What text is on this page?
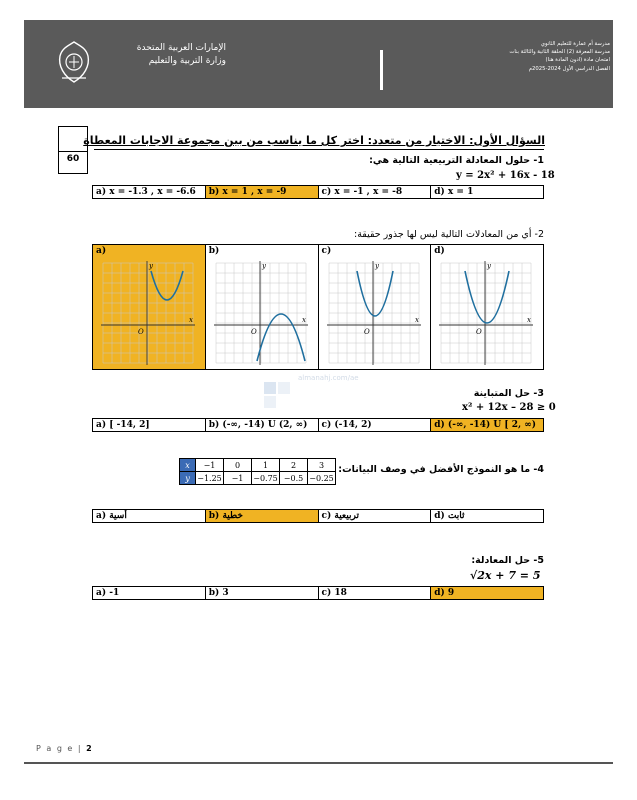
الإمارات العربية المتحدة
وزارة التربية والتعليم
مدرسة أم عمارة للتعليم الثانوي
مدرسة المعرفة (2) الحلقة الثانية والثالثة بنات
امتحان مادة (ادون المادة هنا)
الفصل الدراسي الأول 2024-2025م
60
السؤال الأول: الاختيار من متعدد: اختر كل ما يناسب من بين مجموعة الاجابات المعطاة
1- حلول المعادلة التربيعية التالية هي:
y = 2x² + 16x - 18
a) x = -1.3 , x = -6.6	b) x = 1 , x = -9	c) x = -1 , x = -8	d) x = 1
2- أي من المعادلات التالية ليس لها جذور حقيقة:
a)
x
y
O
b)
x
y
O
c)
x
y
O
d)
x
y
O
almanahj.com/ae
3- حل المتباينة
x² + 12x – 28 ≥ 0
a) [ -14, 2]	b) (-∞, -14) U (2, ∞)	c) (-14, 2)	d) (-∞, -14) U [ 2, ∞)
4- ما هو النموذج الأفضل في وصف البيانات:
x	−1	0	1	2	3
y	−1.25	−1	−0.75	−0.5	−0.25
a) أسية	b) خطية	c) تربيعية	d) ثابت
5- حل المعادلة:
√2x + 7 = 5
a) -1	b) 3	c) 18	d) 9
P a g e | 2
